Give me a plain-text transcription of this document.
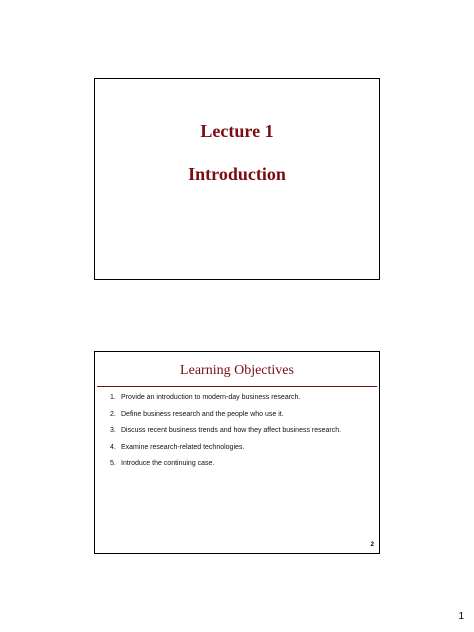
Lecture 1
Introduction
Learning Objectives
1. Provide an introduction to modern-day business research.
2. Define business research and the people who use it.
3. Discuss recent business trends and how they affect business research.
4. Examine research-related technologies.
5. Introduce the continuing case.
2
1
